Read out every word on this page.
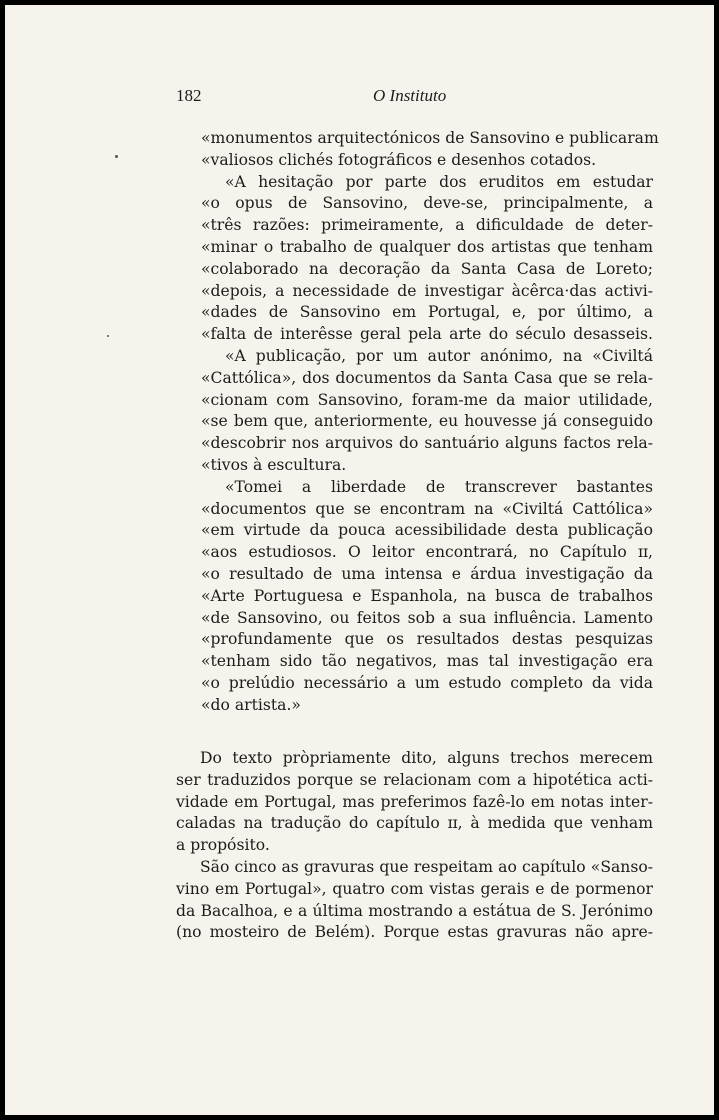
182	O Instituto

«monumentos arquitectónicos de Sansovino e publicaram
«valiosos clichés fotográficos e desenhos cotados.

«A hesitação por parte dos eruditos em estudar
«o opus de Sansovino, deve-se, principalmente, a
«três razões: primeiramente, a dificuldade de deter-
«minar o trabalho de qualquer dos artistas que tenham
«colaborado na decoração da Santa Casa de Loreto;
«depois, a necessidade de investigar àcêrca·das activi-
«dades de Sansovino em Portugal, e, por último, a
«falta de interêsse geral pela arte do século desasseis.

«A publicação, por um autor anónimo, na «Civiltá
«Cattólica», dos documentos da Santa Casa que se rela-
«cionam com Sansovino, foram-me da maior utilidade,
«se bem que, anteriormente, eu houvesse já conseguido
«descobrir nos arquivos do santuário alguns factos rela-
«tivos à escultura.

«Tomei a liberdade de transcrever bastantes
«documentos que se encontram na «Civiltá Cattólica»
«em virtude da pouca acessibilidade desta publicação
«aos estudiosos. O leitor encontrará, no Capítulo ɪɪ,
«o resultado de uma intensa e árdua investigação da
«Arte Portuguesa e Espanhola, na busca de trabalhos
«de Sansovino, ou feitos sob a sua influência. Lamento
«profundamente que os resultados destas pesquizas
«tenham sido tão negativos, mas tal investigação era
«o prelúdio necessário a um estudo completo da vida
«do artista.»

Do texto pròpriamente dito, alguns trechos merecem
ser traduzidos porque se relacionam com a hipotética acti-
vidade em Portugal, mas preferimos fazê-lo em notas inter-
caladas na tradução do capítulo ɪɪ, à medida que venham
a propósito.

São cinco as gravuras que respeitam ao capítulo «Sanso-
vino em Portugal», quatro com vistas gerais e de pormenor
da Bacalhoa, e a última mostrando a estátua de S. Jerónimo
(no mosteiro de Belém). Porque estas gravuras não apre-
